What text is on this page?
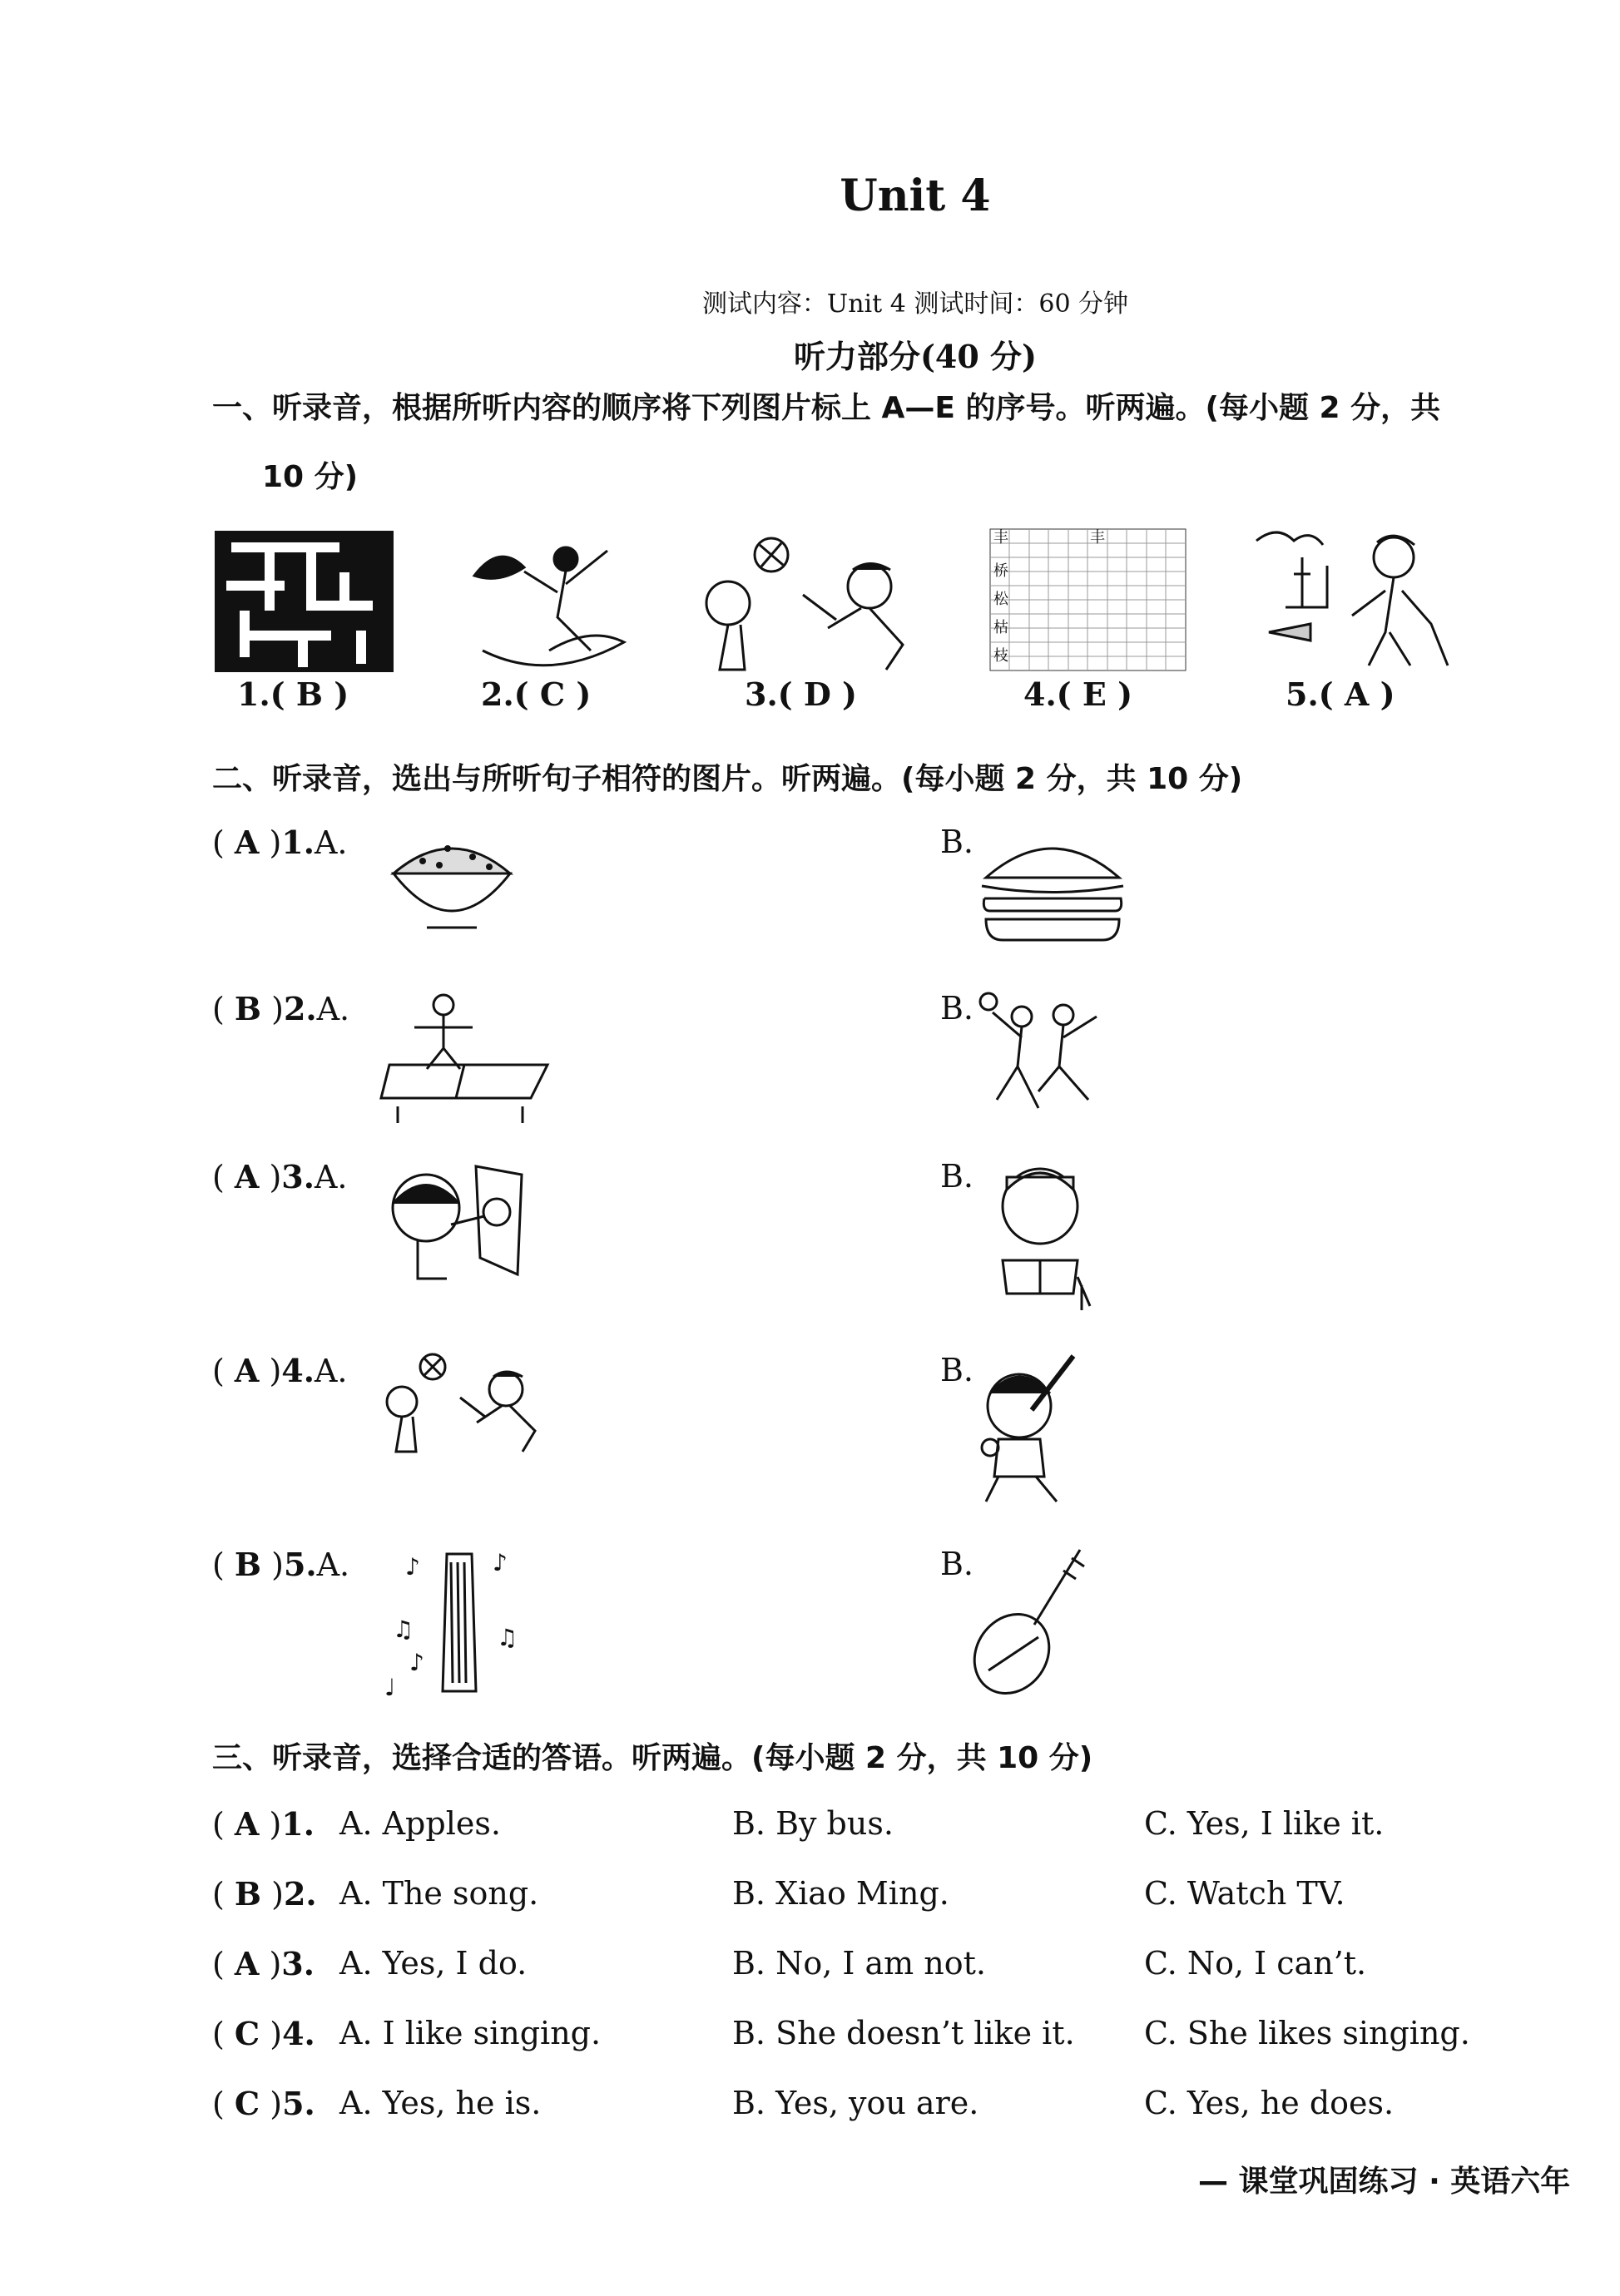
Unit 4
测试内容：Unit 4 测试时间：60 分钟
听力部分(40 分)
一、听录音，根据所听内容的顺序将下列图片标上 A—E 的序号。听两遍。(每小题 2 分，共
10 分)
丰
桥
松
枯
枝
丰
1.( B )	2.( C )	3.( D )	4.( E )	5.( A )
二、听录音，选出与所听句子相符的图片。听两遍。(每小题 2 分，共 10 分)
( A )1.A.	B.
( B )2.A.	B.
( A )3.A.	B.
( A )4.A.	B.
( B )5.A. ♪
♫
♪
♪
♫
♩
B.
三、听录音，选择合适的答语。听两遍。(每小题 2 分，共 10 分)
( A )1. A. Apples.	B. By bus.	C. Yes, I like it.
( B )2. A. The song.	B. Xiao Ming.	C. Watch TV.
( A )3. A. Yes, I do.	B. No, I am not.	C. No, I can’t.
( C )4. A. I like singing.	B. She doesn’t like it. C. She likes singing.
( C )5. A. Yes, he is.	B. Yes, you are.	C. Yes, he does.
— 课堂巩固练习 · 英语六年
